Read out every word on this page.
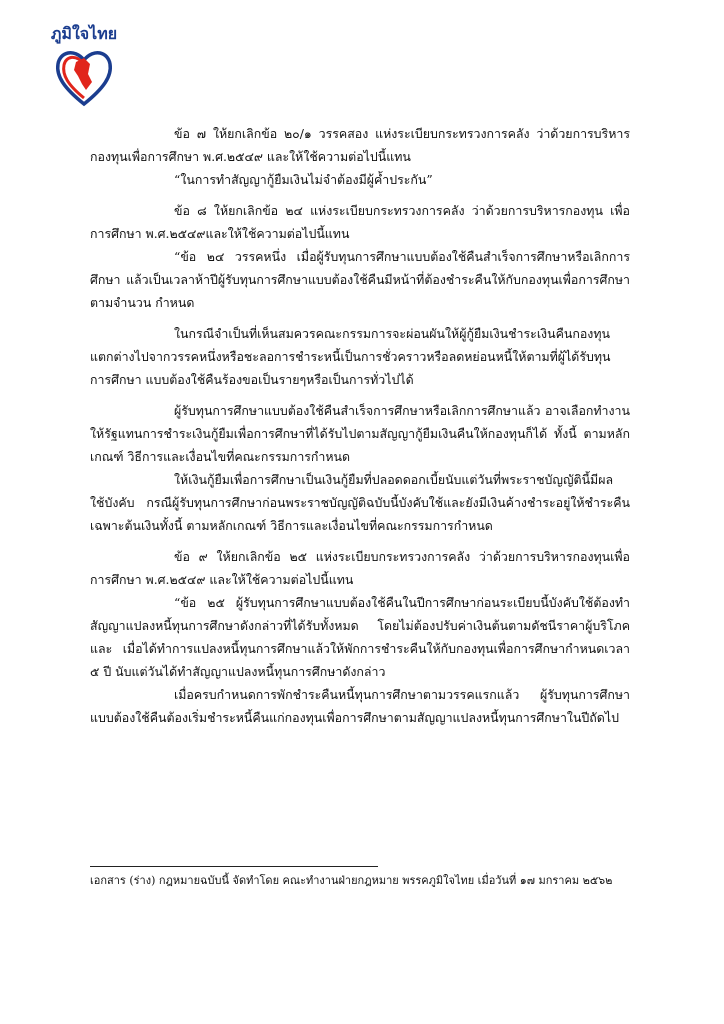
ภูมิใจไทย

ข้อ ๗ ให้ยกเลิกข้อ ๒๐/๑ วรรคสอง แห่งระเบียบกระทรวงการคลัง ว่าด้วยการบริหาร กองทุนเพื่อการศึกษา พ.ศ.๒๕๔๙ และให้ใช้ความต่อไปนี้แทน

“ในการทำสัญญากู้ยืมเงินไม่จำต้องมีผู้ค้ำประกัน”

ข้อ ๘ ให้ยกเลิกข้อ ๒๔ แห่งระเบียบกระทรวงการคลัง ว่าด้วยการบริหารกองทุน เพื่อการศึกษา พ.ศ.๒๕๔๙และให้ใช้ความต่อไปนี้แทน

“ข้อ ๒๔ วรรคหนึ่ง เมื่อผู้รับทุนการศึกษาแบบต้องใช้คืนสำเร็จการศึกษาหรือเลิกการศึกษา แล้วเป็นเวลาห้าปีผู้รับทุนการศึกษาแบบต้องใช้คืนมีหน้าที่ต้องชำระคืนให้กับกองทุนเพื่อการศึกษาตามจำนวน กำหนด

ในกรณีจำเป็นที่เห็นสมควรคณะกรรมการจะผ่อนผันให้ผู้กู้ยืมเงินชำระเงินคืนกองทุน แตกต่างไปจากวรรคหนึ่งหรือชะลอการชำระหนี้เป็นการชั่วคราวหรือลดหย่อนหนี้ให้ตามที่ผู้ได้รับทุนการศึกษา แบบต้องใช้คืนร้องขอเป็นรายๆหรือเป็นการทั่วไปได้

ผู้รับทุนการศึกษาแบบต้องใช้คืนสำเร็จการศึกษาหรือเลิกการศึกษาแล้ว อาจเลือกทำงาน ให้รัฐแทนการชำระเงินกู้ยืมเพื่อการศึกษาที่ได้รับไปตามสัญญากู้ยืมเงินคืนให้กองทุนก็ได้ ทั้งนี้ ตามหลักเกณฑ์ วิธีการและเงื่อนไขที่คณะกรรมการกำหนด

ให้เงินกู้ยืมเพื่อการศึกษาเป็นเงินกู้ยืมที่ปลอดดอกเบี้ยนับแต่วันที่พระราชบัญญัตินี้มีผล ใช้บังคับ กรณีผู้รับทุนการศึกษาก่อนพระราชบัญญัติฉบับนี้บังคับใช้และยังมีเงินค้างชำระอยู่ให้ชำระคืน เฉพาะต้นเงินทั้งนี้ ตามหลักเกณฑ์ วิธีการและเงื่อนไขที่คณะกรรมการกำหนด

ข้อ ๙ ให้ยกเลิกข้อ ๒๕ แห่งระเบียบกระทรวงการคลัง ว่าด้วยการบริหารกองทุนเพื่อ การศึกษา พ.ศ.๒๕๔๙ และให้ใช้ความต่อไปนี้แทน

“ข้อ ๒๕ ผู้รับทุนการศึกษาแบบต้องใช้คืนในปีการศึกษาก่อนระเบียบนี้บังคับใช้ต้องทำ สัญญาแปลงหนี้ทุนการศึกษาดังกล่าวที่ได้รับทั้งหมด โดยไม่ต้องปรับค่าเงินต้นตามดัชนีราคาผู้บริโภค และ เมื่อได้ทำการแปลงหนี้ทุนการศึกษาแล้วให้พักการชำระคืนให้กับกองทุนเพื่อการศึกษากำหนดเวลา ๕ ปี นับแต่วันได้ทำสัญญาแปลงหนี้ทุนการศึกษาดังกล่าว

เมื่อครบกำหนดการพักชำระคืนหนี้ทุนการศึกษาตามวรรคแรกแล้ว ผู้รับทุนการศึกษา แบบต้องใช้คืนต้องเริ่มชำระหนี้คืนแก่กองทุนเพื่อการศึกษาตามสัญญาแปลงหนี้ทุนการศึกษาในปีถัดไป

เอกสาร (ร่าง) กฎหมายฉบับนี้ จัดทำโดย คณะทำงานฝ่ายกฎหมาย พรรคภูมิใจไทย เมื่อวันที่ ๑๗ มกราคม ๒๕๖๒
